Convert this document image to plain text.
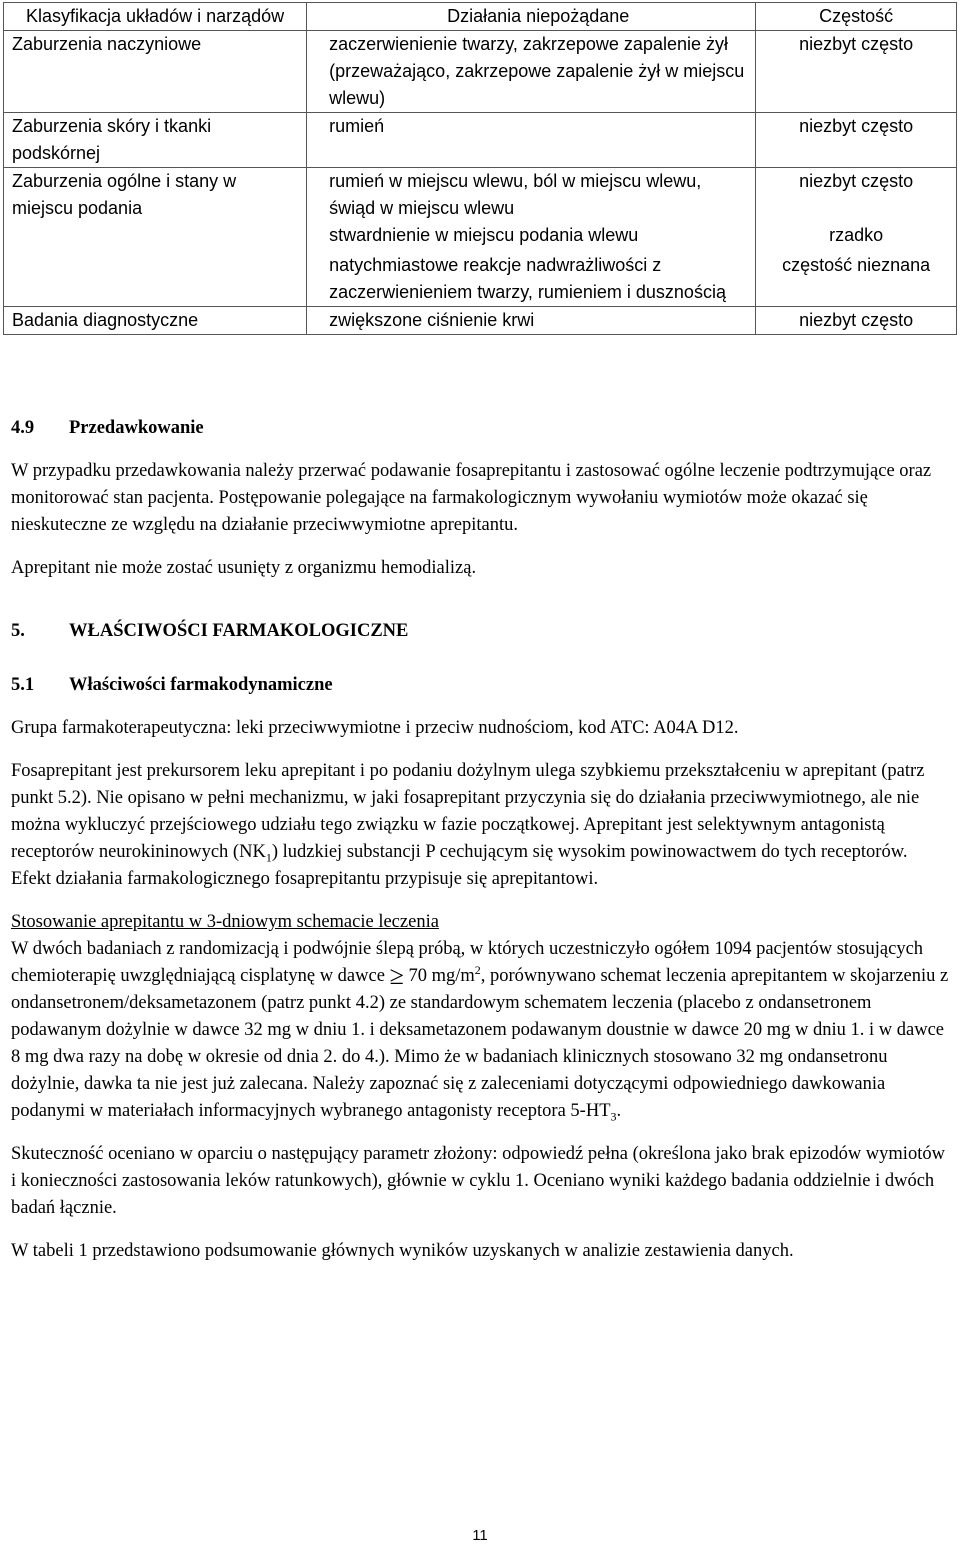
Klasyfikacja układów i narządów	Działania niepożądane	Częstość
Zaburzenia naczyniowe	zaczerwienienie twarzy, zakrzepowe zapalenie żył (przeważająco, zakrzepowe zapalenie żył w miejscu wlewu)	niezbyt często
Zaburzenia skóry i tkanki podskórnej	rumień	niezbyt często
Zaburzenia ogólne i stany w miejscu podania	rumień w miejscu wlewu, ból w miejscu wlewu, świąd w miejscu wlewu	niezbyt często
	stwardnienie w miejscu podania wlewu	rzadko
	natychmiastowe reakcje nadwrażliwości z zaczerwienieniem twarzy, rumieniem i dusznością	częstość nieznana
Badania diagnostyczne	zwiększone ciśnienie krwi	niezbyt często
4.9 Przedawkowanie

W przypadku przedawkowania należy przerwać podawanie fosaprepitantu i zastosować ogólne leczenie podtrzymujące oraz monitorować stan pacjenta. Postępowanie polegające na farmakologicznym wywołaniu wymiotów może okazać się nieskuteczne ze względu na działanie przeciwwymiotne aprepitantu.

Aprepitant nie może zostać usunięty z organizmu hemodializą.

5. WŁAŚCIWOŚCI FARMAKOLOGICZNE
5.1 Właściwości farmakodynamiczne

Grupa farmakoterapeutyczna: leki przeciwwymiotne i przeciw nudnościom, kod ATC: A04A D12.

Fosaprepitant jest prekursorem leku aprepitant i po podaniu dożylnym ulega szybkiemu przekształceniu w aprepitant (patrz punkt 5.2). Nie opisano w pełni mechanizmu, w jaki fosaprepitant przyczynia się do działania przeciwwymiotnego, ale nie można wykluczyć przejściowego udziału tego związku w fazie początkowej. Aprepitant jest selektywnym antagonistą receptorów neurokininowych $(NK_1)$ ludzkiej substancji P cechującym się wysokim powinowactwem do tych receptorów. Efekt działania farmakologicznego fosaprepitantu przypisuje się aprepitantowi.

Stosowanie aprepitantu w 3-dniowym schemacie leczenia

W dwóch badaniach z randomizacją i podwójnie ślepą próbą, w których uczestniczyło ogółem 1094 pacjentów stosujących chemioterapię uwzględniającą cisplatynę w dawce ≥ 70 $mg/m^2$, porównywano schemat leczenia aprepitantem w skojarzeniu z ondansetronem/deksametazonem (patrz punkt 4.2) ze standardowym schematem leczenia (placebo z ondansetronem podawanym dożylnie w dawce 32 mg w dniu 1. i deksametazonem podawanym doustnie w dawce 20 mg w dniu 1. i w dawce 8 mg dwa razy na dobę w okresie od dnia 2. do 4.). Mimo że w badaniach klinicznych stosowano 32 mg ondansetronu dożylnie, dawka ta nie jest już zalecana. Należy zapoznać się z zaleceniami dotyczącymi odpowiedniego dawkowania podanymi w materiałach informacyjnych wybranego antagonisty receptora $5-HT_3$.

Skuteczność oceniano w oparciu o następujący parametr złożony: odpowiedź pełna (określona jako brak epizodów wymiotów i konieczności zastosowania leków ratunkowych), głównie w cyklu 1. Oceniano wyniki każdego badania oddzielnie i dwóch badań łącznie.

W tabeli 1 przedstawiono podsumowanie głównych wyników uzyskanych w analizie zestawienia danych.

11
